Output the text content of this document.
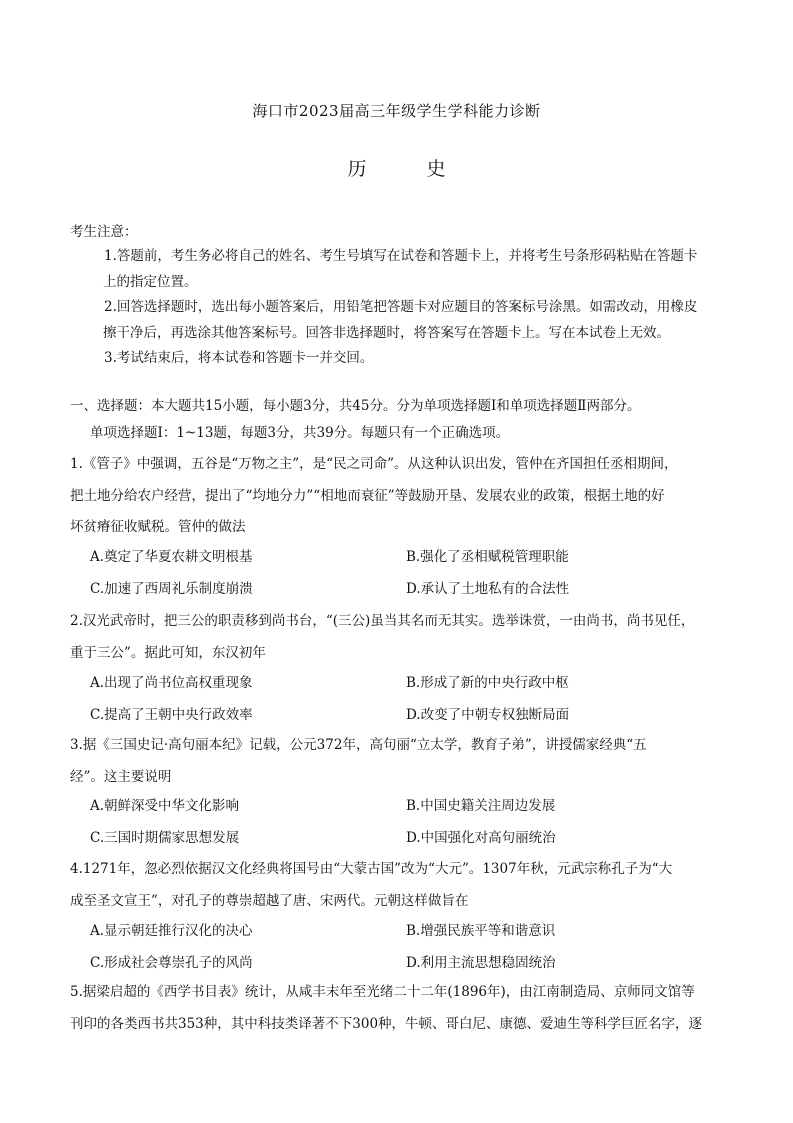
海口市2023届高三年级学生学科能力诊断
历	史
考生注意：

1.答题前，考生务必将自己的姓名、考生号填写在试卷和答题卡上，并将考生号条形码粘贴在答题卡

上的指定位置。

2.回答选择题时，选出每小题答案后，用铅笔把答题卡对应题目的答案标号涂黑。如需改动，用橡皮

擦干净后，再选涂其他答案标号。回答非选择题时，将答案写在答题卡上。写在本试卷上无效。

3.考试结束后，将本试卷和答题卡一并交回。

一、选择题：本大题共15小题，每小题3分，共45分。分为单项选择题Ⅰ和单项选择题Ⅱ两部分。
单项选择题Ⅰ：1~13题，每题3分，共39分。每题只有一个正确选项。

1.《管子》中强调，五谷是“万物之主”，是“民之司命”。从这种认识出发，管仲在齐国担任丞相期间，

把土地分给农户经营，提出了“均地分力”“相地而衰征”等鼓励开垦、发展农业的政策，根据土地的好

坏贫瘠征收赋税。管仲的做法

A.奠定了华夏农耕文明根基	B.强化了丞相赋税管理职能
C.加速了西周礼乐制度崩溃	D.承认了土地私有的合法性

2.汉光武帝时，把三公的职责移到尚书台，“(三公)虽当其名而无其实。选举诛赏，一由尚书，尚书见任，

重于三公”。据此可知，东汉初年

A.出现了尚书位高权重现象	B.形成了新的中央行政中枢
C.提高了王朝中央行政效率	D.改变了中朝专权独断局面

3.据《三国史记·高句丽本纪》记载，公元372年，高句丽“立太学，教育子弟”，讲授儒家经典“五

经”。这主要说明

A.朝鲜深受中华文化影响	B.中国史籍关注周边发展
C.三国时期儒家思想发展	D.中国强化对高句丽统治

4.1271年，忽必烈依据汉文化经典将国号由“大蒙古国”改为“大元”。1307年秋，元武宗称孔子为“大

成至圣文宣王”，对孔子的尊崇超越了唐、宋两代。元朝这样做旨在

A.显示朝廷推行汉化的决心	B.增强民族平等和谐意识
C.形成社会尊崇孔子的风尚	D.利用主流思想稳固统治

5.据梁启超的《西学书目表》统计，从咸丰末年至光绪二十二年(1896年)，由江南制造局、京师同文馆等

刊印的各类西书共353种，其中科技类译著不下300种，牛顿、哥白尼、康德、爱迪生等科学巨匠名字，逐
